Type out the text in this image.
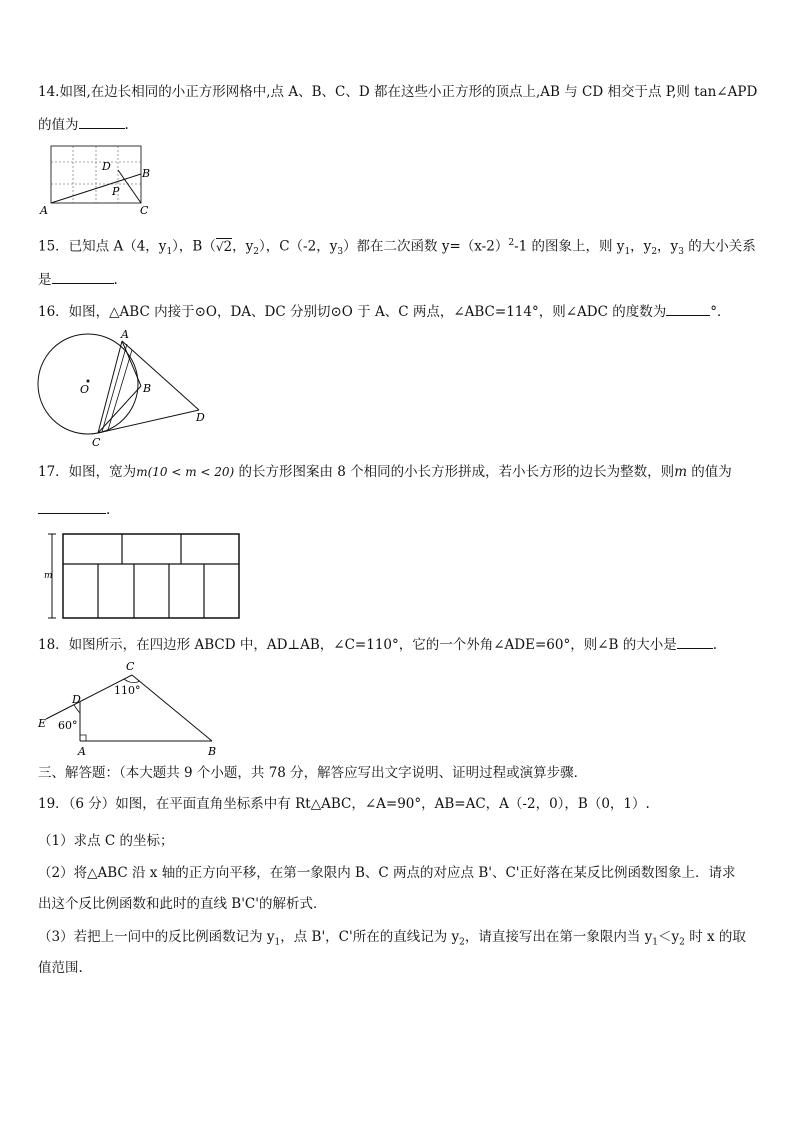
14.如图,在边长相同的小正方形网格中,点 A、B、C、D 都在这些小正方形的顶点上,AB 与 CD 相交于点 P,则 tan∠APD
的值为	.
A
B
C
D
P
15．已知点 A（4，$y_1$），B（√2，$y_2$），C（-2，$y_3$）都在二次函数 $y=(x-2)^2-1$ 的图象上，则 $y_1$，$y_2$，$y_3$ 的大小关系
是	.
16．如图，△ABC 内接于⊙O，DA、DC 分别切⊙O 于 A、C 两点，∠ABC=114°，则∠ADC 的度数为	°．
A
B
C
D
O
17．如图，宽为m(10 < m < 20) 的长方形图案由 8 个相同的小长方形拼成，若小长方形的边长为整数，则m 的值为
.
m
18．如图所示，在四边形 ABCD 中，AD⊥AB，∠C=110°，它的一个外角∠ADE=60°，则∠B 的大小是	.
C
110°
D
E 60°
A	B
三、解答题：（本大题共 9 个小题，共 78 分，解答应写出文字说明、证明过程或演算步骤．
19．（6 分）如图，在平面直角坐标系中有 Rt△ABC，∠A=90°，AB=AC，A（-2，0），B（0，1）.
（1）求点 C 的坐标；
（2）将△ABC 沿 x 轴的正方向平移，在第一象限内 B、C 两点的对应点 B'、C'正好落在某反比例函数图象上．请求
出这个反比例函数和此时的直线 B'C'的解析式．
（3）若把上一问中的反比例函数记为 $y_1$，点 B'，C'所在的直线记为 $y_2$，请直接写出在第一象限内当 $y_1<y_2$ 时 x 的取
值范围.
